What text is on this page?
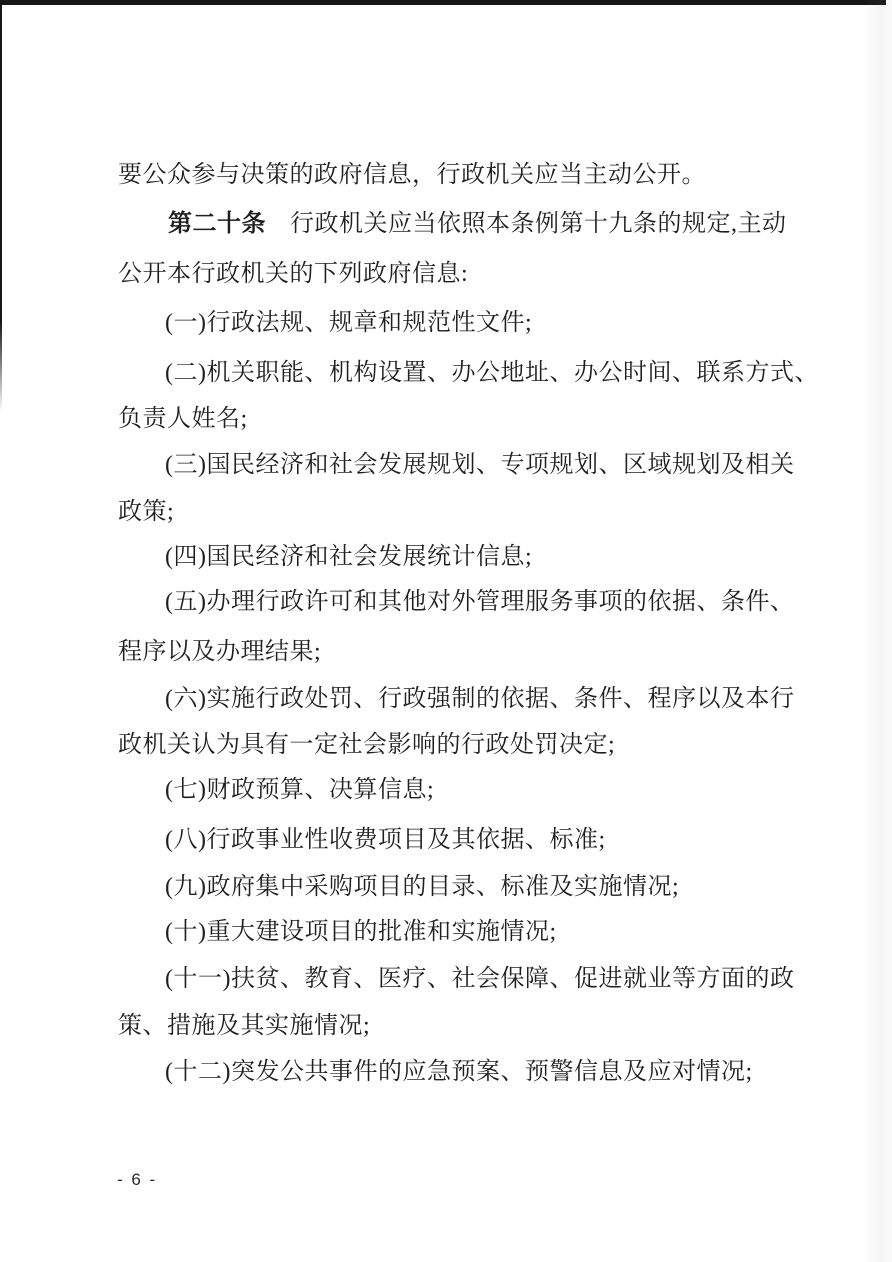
要公众参与决策的政府信息，行政机关应当主动公开。
第二十条 行政机关应当依照本条例第十九条的规定,主动
公开本行政机关的下列政府信息:
(一)行政法规、规章和规范性文件;
(二)机关职能、机构设置、办公地址、办公时间、联系方式、
负责人姓名;
(三)国民经济和社会发展规划、专项规划、区域规划及相关
政策;
(四)国民经济和社会发展统计信息;
(五)办理行政许可和其他对外管理服务事项的依据、条件、
程序以及办理结果;
(六)实施行政处罚、行政强制的依据、条件、程序以及本行
政机关认为具有一定社会影响的行政处罚决定;
(七)财政预算、决算信息;
(八)行政事业性收费项目及其依据、标准;
(九)政府集中采购项目的目录、标准及实施情况;
(十)重大建设项目的批准和实施情况;
(十一)扶贫、教育、医疗、社会保障、促进就业等方面的政
策、措施及其实施情况;
(十二)突发公共事件的应急预案、预警信息及应对情况;
- 6 -
